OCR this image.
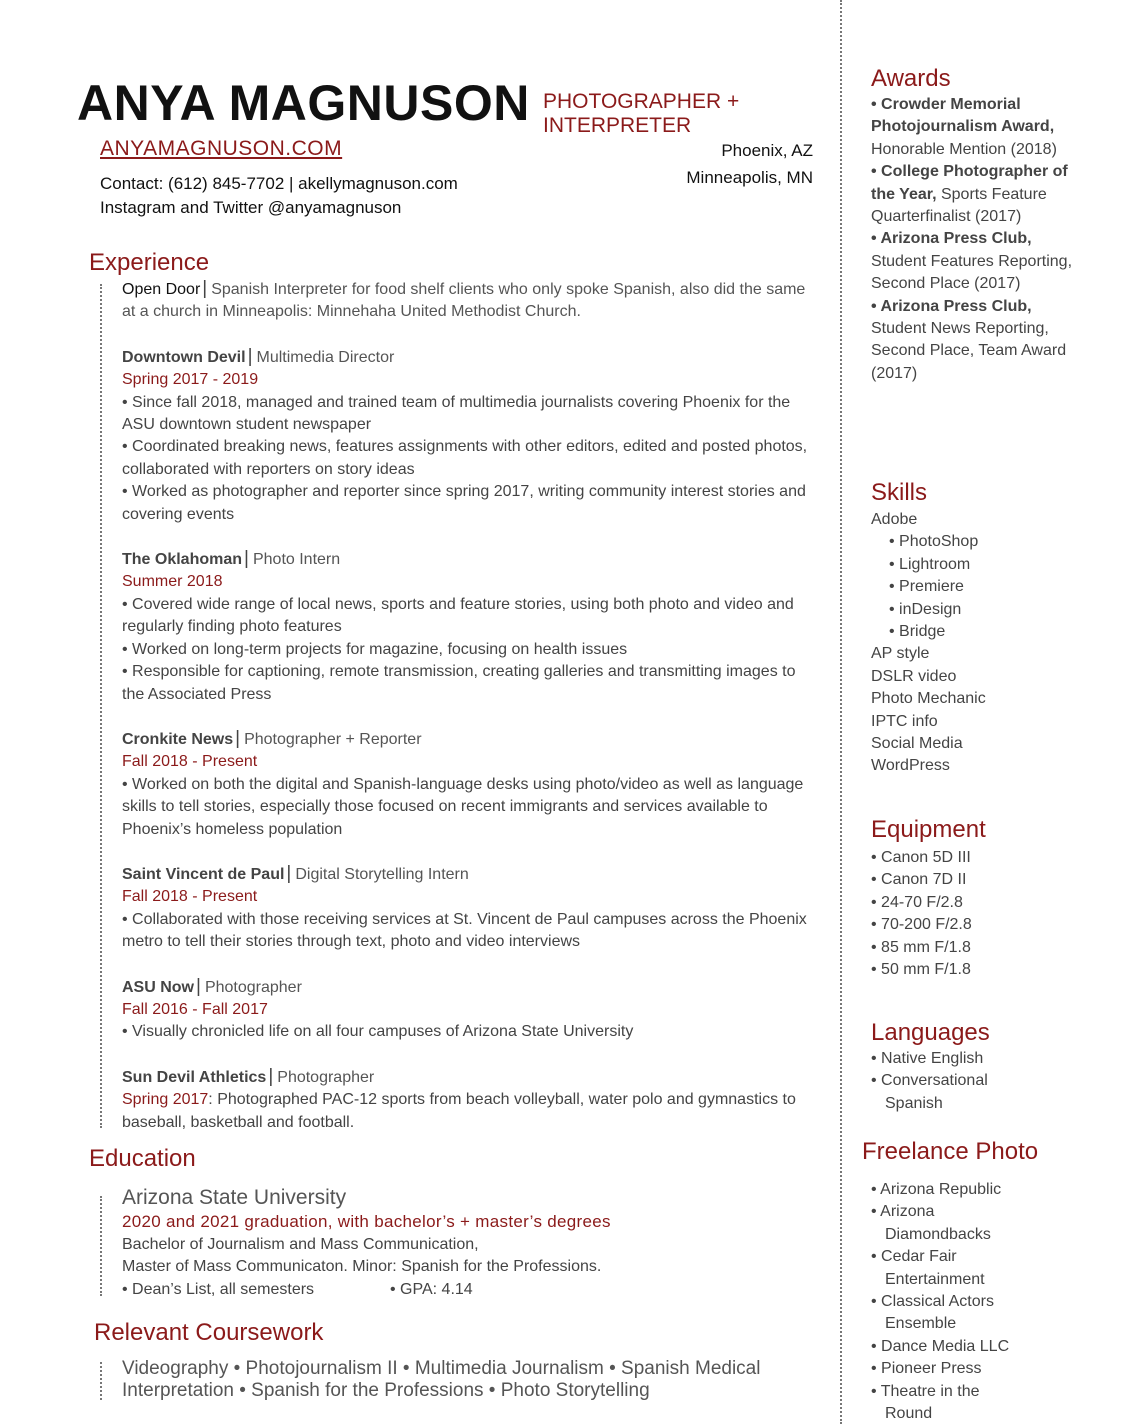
ANYA MAGNUSON PHOTOGRAPHER + INTERPRETER
ANYAMAGNUSON.COM
Contact: (612) 845-7702 | akellymagnuson.com
Instagram and Twitter @anyamagnuson
Phoenix, AZ
Minneapolis, MN
Experience
Open Door | Spanish Interpreter for food shelf clients who only spoke Spanish, also did the same at a church in Minneapolis: Minnehaha United Methodist Church.
Downtown Devil | Multimedia Director
Spring 2017 - 2019
• Since fall 2018, managed and trained team of multimedia journalists covering Phoenix for the ASU downtown student newspaper
• Coordinated breaking news, features assignments with other editors, edited and posted photos, collaborated with reporters on story ideas
• Worked as photographer and reporter since spring 2017, writing community interest stories and covering events
The Oklahoman | Photo Intern
Summer 2018
• Covered wide range of local news, sports and feature stories, using both photo and video and regularly finding photo features
• Worked on long-term projects for magazine, focusing on health issues
• Responsible for captioning, remote transmission, creating galleries and transmitting images to the Associated Press
Cronkite News | Photographer + Reporter
Fall 2018 - Present
• Worked on both the digital and Spanish-language desks using photo/video as well as language skills to tell stories, especially those focused on recent immigrants and services available to Phoenix’s homeless population
Saint Vincent de Paul | Digital Storytelling Intern
Fall 2018 - Present
• Collaborated with those receiving services at St. Vincent de Paul campuses across the Phoenix metro to tell their stories through text, photo and video interviews
ASU Now | Photographer
Fall 2016 - Fall 2017
• Visually chronicled life on all four campuses of Arizona State University
Sun Devil Athletics | Photographer
Spring 2017: Photographed PAC-12 sports from beach volleyball, water polo and gymnastics to baseball, basketball and football.
Education
Arizona State University
2020 and 2021 graduation, with bachelor’s + master’s degrees
Bachelor of Journalism and Mass Communication,
Master of Mass Communicaton. Minor: Spanish for the Professions.
• Dean’s List, all semesters	• GPA: 4.14
Relevant Coursework
Videography • Photojournalism II • Multimedia Journalism • Spanish Medical Interpretation • Spanish for the Professions • Photo Storytelling
Awards
• Crowder Memorial Photojournalism Award, Honorable Mention (2018)
• College Photographer of the Year, Sports Feature Quarterfinalist (2017)
• Arizona Press Club, Student Features Reporting, Second Place (2017)
• Arizona Press Club, Student News Reporting, Second Place, Team Award (2017)
Skills
Adobe
• PhotoShop
• Lightroom
• Premiere
• inDesign
• Bridge
AP style
DSLR video
Photo Mechanic
IPTC info
Social Media
WordPress
Equipment
• Canon 5D III
• Canon 7D II
• 24-70 F/2.8
• 70-200 F/2.8
• 85 mm F/1.8
• 50 mm F/1.8
Languages
• Native English
• Conversational Spanish
Freelance Photo
• Arizona Republic
• Arizona Diamondbacks
• Cedar Fair Entertainment
• Classical Actors Ensemble
• Dance Media LLC
• Pioneer Press
• Theatre in the Round
